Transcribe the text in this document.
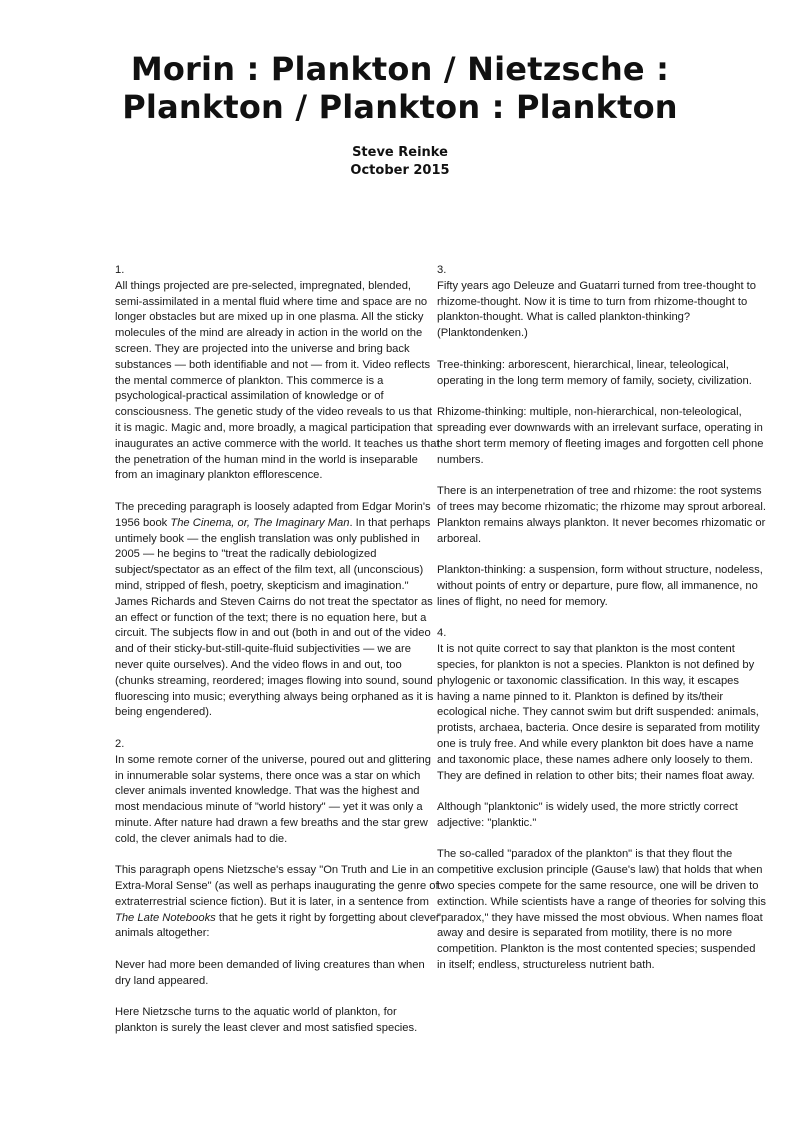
Morin : Plankton / Nietzsche :
Plankton / Plankton : Plankton
Steve Reinke
October 2015

1.

All things projected are pre-selected, impregnated, blended, semi-assimilated in a mental fluid where time and space are no longer obstacles but are mixed up in one plasma. All the sticky molecules of the mind are already in action in the world on the screen. They are projected into the universe and bring back substances — both identifiable and not — from it. Video reflects the mental commerce of plankton. This commerce is a psychological-practical assimilation of knowledge or of consciousness. The genetic study of the video reveals to us that it is magic. Magic and, more broadly, a magical participation that inaugurates an active commerce with the world. It teaches us that the penetration of the human mind in the world is inseparable from an imaginary plankton efflorescence.

The preceding paragraph is loosely adapted from Edgar Morin's 1956 book The Cinema, or, The Imaginary Man. In that perhaps untimely book — the english translation was only published in 2005 — he begins to "treat the radically debiologized subject/spectator as an effect of the film text, all (unconscious) mind, stripped of flesh, poetry, skepticism and imagination." James Richards and Steven Cairns do not treat the spectator as an effect or function of the text; there is no equation here, but a circuit. The subjects flow in and out (both in and out of the video and of their sticky-but-still-quite-fluid subjectivities — we are never quite ourselves). And the video flows in and out, too (chunks streaming, reordered; images flowing into sound, sound fluorescing into music; everything always being orphaned as it is being engendered).

2.

In some remote corner of the universe, poured out and glittering in innumerable solar systems, there once was a star on which clever animals invented knowledge. That was the highest and most mendacious minute of "world history" — yet it was only a minute. After nature had drawn a few breaths and the star grew cold, the clever animals had to die.

This paragraph opens Nietzsche's essay "On Truth and Lie in an Extra-Moral Sense" (as well as perhaps inaugurating the genre of extraterrestrial science fiction). But it is later, in a sentence from The Late Notebooks that he gets it right by forgetting about clever animals altogether:

Never had more been demanded of living creatures than when dry land appeared.

Here Nietzsche turns to the aquatic world of plankton, for plankton is surely the least clever and most satisfied species.

3.

Fifty years ago Deleuze and Guatarri turned from tree-thought to rhizome-thought. Now it is time to turn from rhizome-thought to plankton-thought. What is called plankton-thinking? (Planktondenken.)

Tree-thinking: arborescent, hierarchical, linear, teleological, operating in the long term memory of family, society, civilization.

Rhizome-thinking: multiple, non-hierarchical, non-teleological, spreading ever downwards with an irrelevant surface, operating in the short term memory of fleeting images and forgotten cell phone numbers.

There is an interpenetration of tree and rhizome: the root systems of trees may become rhizomatic; the rhizome may sprout arboreal. Plankton remains always plankton. It never becomes rhizomatic or arboreal.

Plankton-thinking: a suspension, form without structure, nodeless, without points of entry or departure, pure flow, all immanence, no lines of flight, no need for memory.

4.

It is not quite correct to say that plankton is the most content species, for plankton is not a species. Plankton is not defined by phylogenic or taxonomic classification. In this way, it escapes having a name pinned to it. Plankton is defined by its/their ecological niche. They cannot swim but drift suspended: animals, protists, archaea, bacteria. Once desire is separated from motility one is truly free. And while every plankton bit does have a name and taxonomic place, these names adhere only loosely to them. They are defined in relation to other bits; their names float away.

Although "planktonic" is widely used, the more strictly correct adjective: "planktic."

The so-called "paradox of the plankton" is that they flout the competitive exclusion principle (Gause's law) that holds that when two species compete for the same resource, one will be driven to extinction. While scientists have a range of theories for solving this "paradox," they have missed the most obvious. When names float away and desire is separated from motility, there is no more competition. Plankton is the most contented species; suspended in itself; endless, structureless nutrient bath.
